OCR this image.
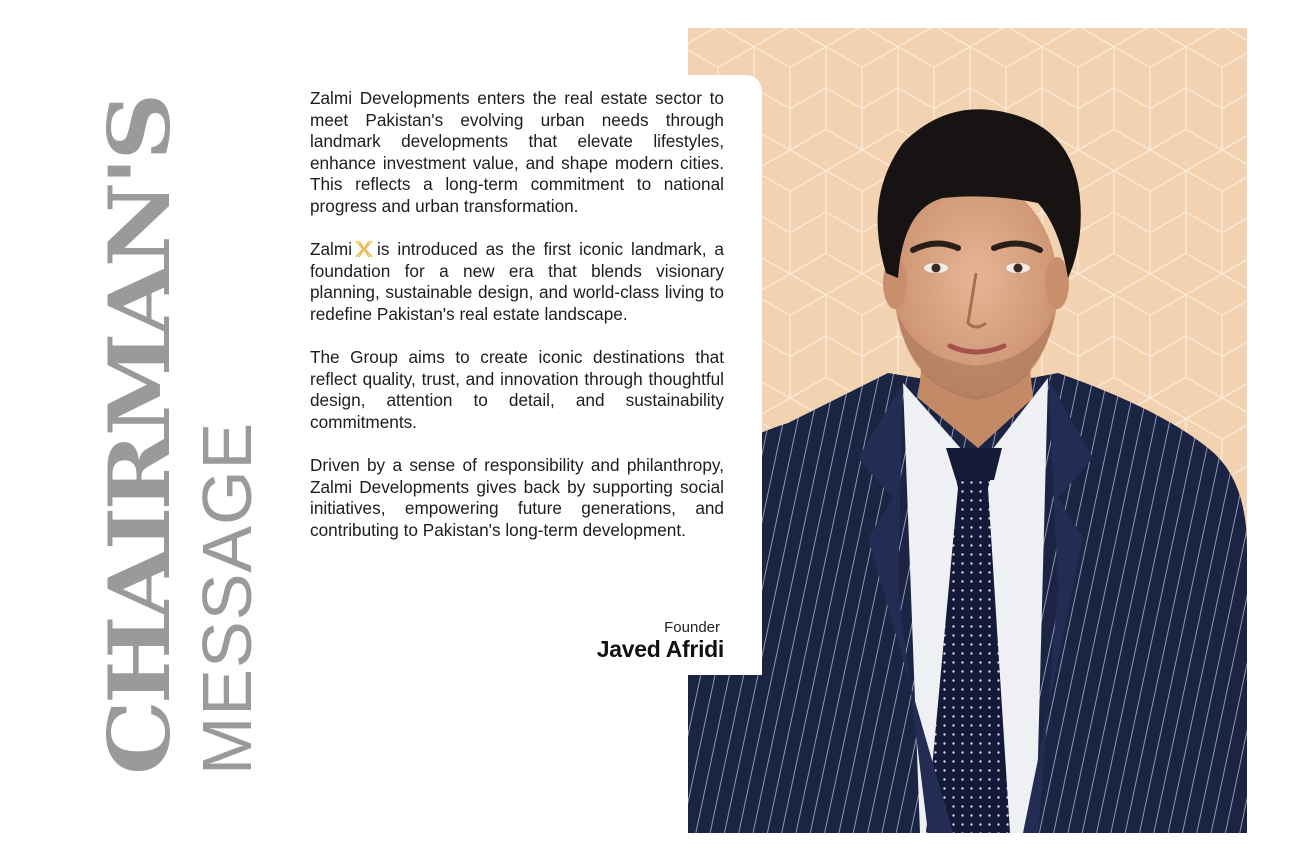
CHAIRMAN'S
MESSAGE

Zalmi Developments enters the real estate sector to meet Pakistan's evolving urban needs through landmark developments that elevate lifestyles, enhance investment value, and shape modern cities. This reflects a long-term commitment to national progress and urban transformation.

Zalmi is introduced as the first iconic landmark, a foundation for a new era that blends visionary planning, sustainable design, and world-class living to redefine Pakistan's real estate landscape.

The Group aims to create iconic destinations that reflect quality, trust, and innovation through thoughtful design, attention to detail, and sustainability commitments.

Driven by a sense of responsibility and philanthropy, Zalmi Developments gives back by supporting social initiatives, empowering future generations, and contributing to Pakistan's long-term development.

Founder
Javed Afridi
